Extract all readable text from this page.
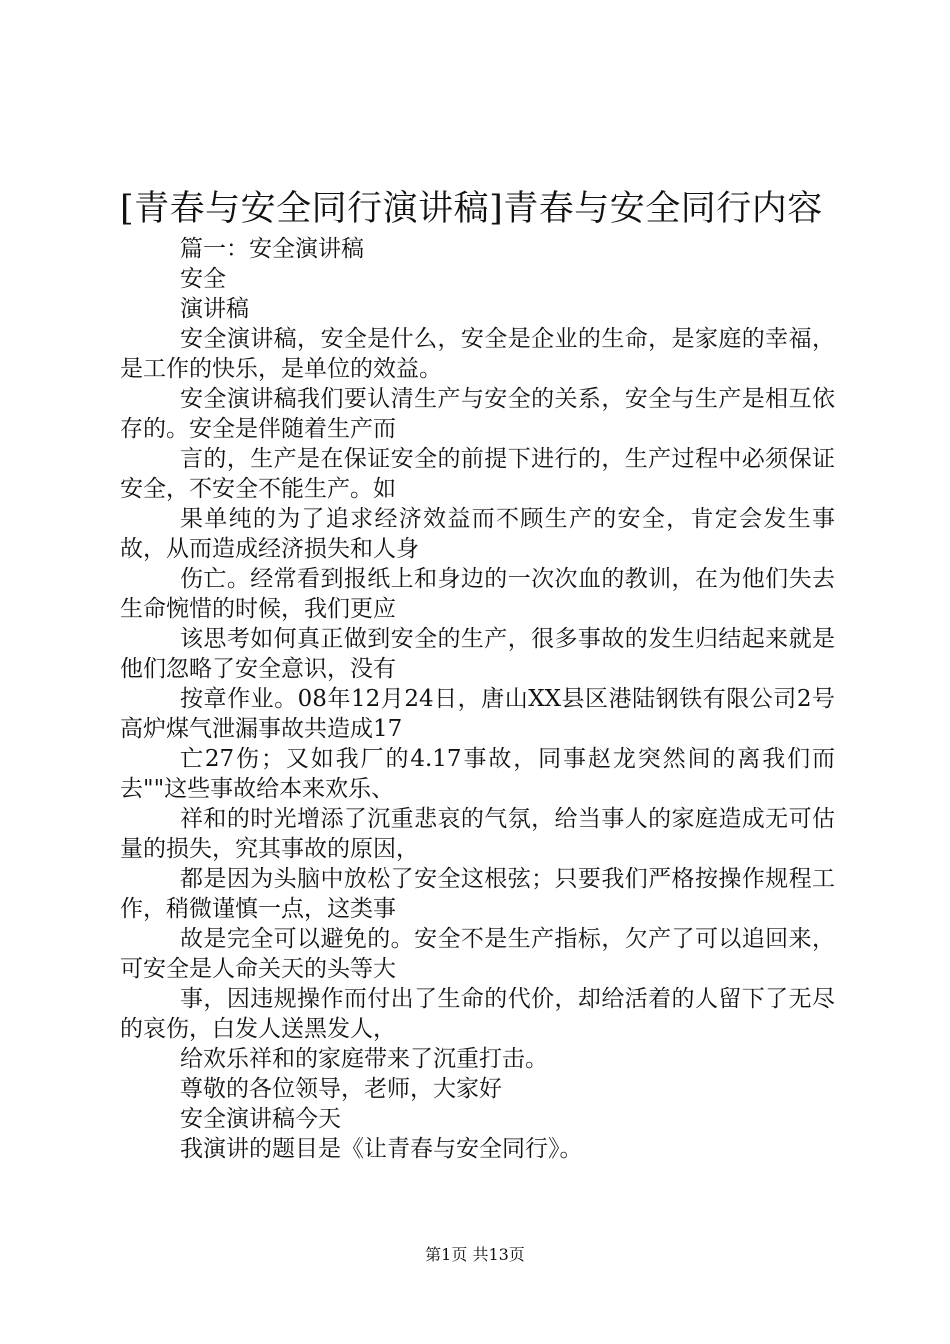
[青春与安全同行演讲稿]青春与安全同行内容

篇一：安全演讲稿

安全

演讲稿

安全演讲稿，安全是什么，安全是企业的生命，是家庭的幸福，是工作的快乐，是单位的效益。

安全演讲稿我们要认清生产与安全的关系，安全与生产是相互依存的。安全是伴随着生产而

言的，生产是在保证安全的前提下进行的，生产过程中必须保证安全，不安全不能生产。如

果单纯的为了追求经济效益而不顾生产的安全，肯定会发生事故，从而造成经济损失和人身

伤亡。经常看到报纸上和身边的一次次血的教训，在为他们失去生命惋惜的时候，我们更应

该思考如何真正做到安全的生产，很多事故的发生归结起来就是他们忽略了安全意识，没有

按章作业。08年12月24日，唐山XX县区港陆钢铁有限公司2号高炉煤气泄漏事故共造成17

亡27伤；又如我厂的4.17事故，同事赵龙突然间的离我们而去""这些事故给本来欢乐、

祥和的时光增添了沉重悲哀的气氛，给当事人的家庭造成无可估量的损失，究其事故的原因，

都是因为头脑中放松了安全这根弦；只要我们严格按操作规程工作，稍微谨慎一点，这类事

故是完全可以避免的。安全不是生产指标，欠产了可以追回来，可安全是人命关天的头等大

事，因违规操作而付出了生命的代价，却给活着的人留下了无尽的哀伤，白发人送黑发人，

给欢乐祥和的家庭带来了沉重打击。

尊敬的各位领导，老师，大家好

安全演讲稿今天

我演讲的题目是《让青春与安全同行》。

第1页 共13页
